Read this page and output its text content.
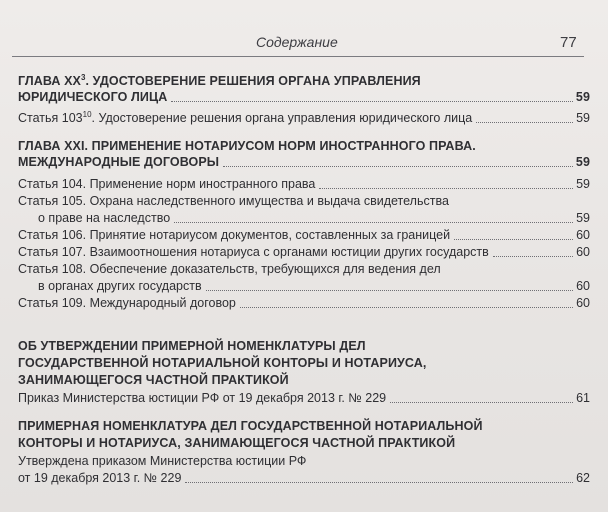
Содержание	77
ГЛАВА $XX^3$. УДОСТОВЕРЕНИЕ РЕШЕНИЯ ОРГАНА УПРАВЛЕНИЯ
ЮРИДИЧЕСКОГО ЛИЦА	59
Статья $103^{10}$. Удостоверение решения органа управления юридического лица	59
ГЛАВА XXI. ПРИМЕНЕНИЕ НОТАРИУСОМ НОРМ ИНОСТРАННОГО ПРАВА.
МЕЖДУНАРОДНЫЕ ДОГОВОРЫ	59
Статья 104. Применение норм иностранного права	59
Статья 105. Охрана наследственного имущества и выдача свидетельства
о праве на наследство	59
Статья 106. Принятие нотариусом документов, составленных за границей	60
Статья 107. Взаимоотношения нотариуса с органами юстиции других государств	60
Статья 108. Обеспечение доказательств, требующихся для ведения дел
в органах других государств	60
Статья 109. Международный договор	60
ОБ УТВЕРЖДЕНИИ ПРИМЕРНОЙ НОМЕНКЛАТУРЫ ДЕЛ
ГОСУДАРСТВЕННОЙ НОТАРИАЛЬНОЙ КОНТОРЫ И НОТАРИУСА,
ЗАНИМАЮЩЕГОСЯ ЧАСТНОЙ ПРАКТИКОЙ
Приказ Министерства юстиции РФ от 19 декабря 2013 г. № 229	61
ПРИМЕРНАЯ НОМЕНКЛАТУРА ДЕЛ ГОСУДАРСТВЕННОЙ НОТАРИАЛЬНОЙ
КОНТОРЫ И НОТАРИУСА, ЗАНИМАЮЩЕГОСЯ ЧАСТНОЙ ПРАКТИКОЙ
Утверждена приказом Министерства юстиции РФ
от 19 декабря 2013 г. № 229	62
